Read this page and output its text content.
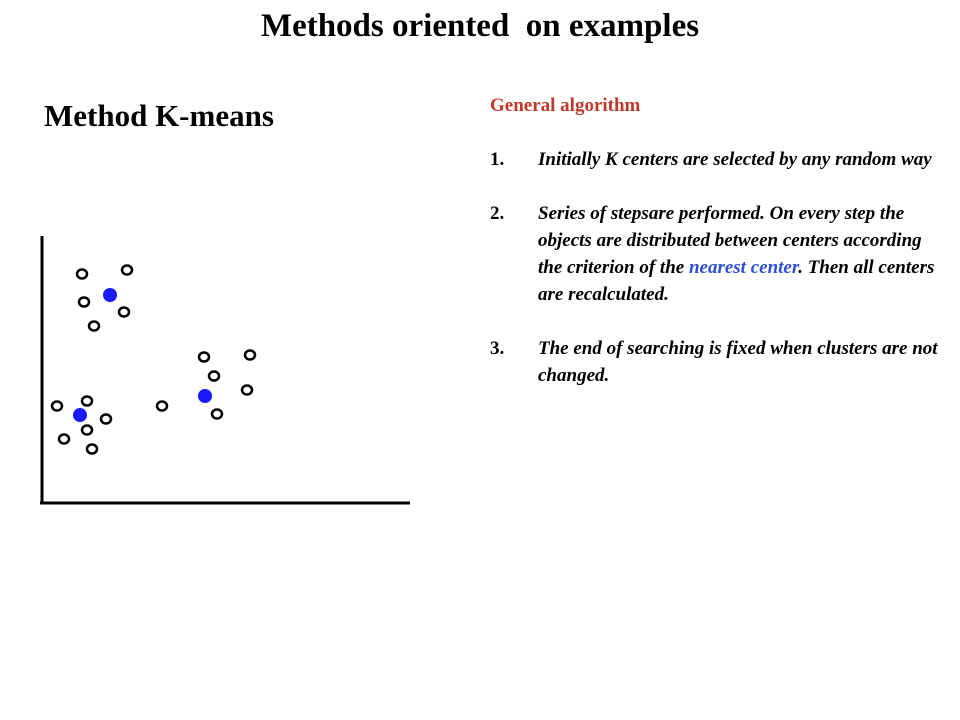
Methods oriented  on examples
Method K-means	General algorithm
1.	Initially K centers are selected by any random way
2.	Series of stepsare performed. On every step the objects are distributed between centers according the criterion of the nearest center. Then all centers are recalculated.
3.	The end of searching is fixed when clusters are not changed.
